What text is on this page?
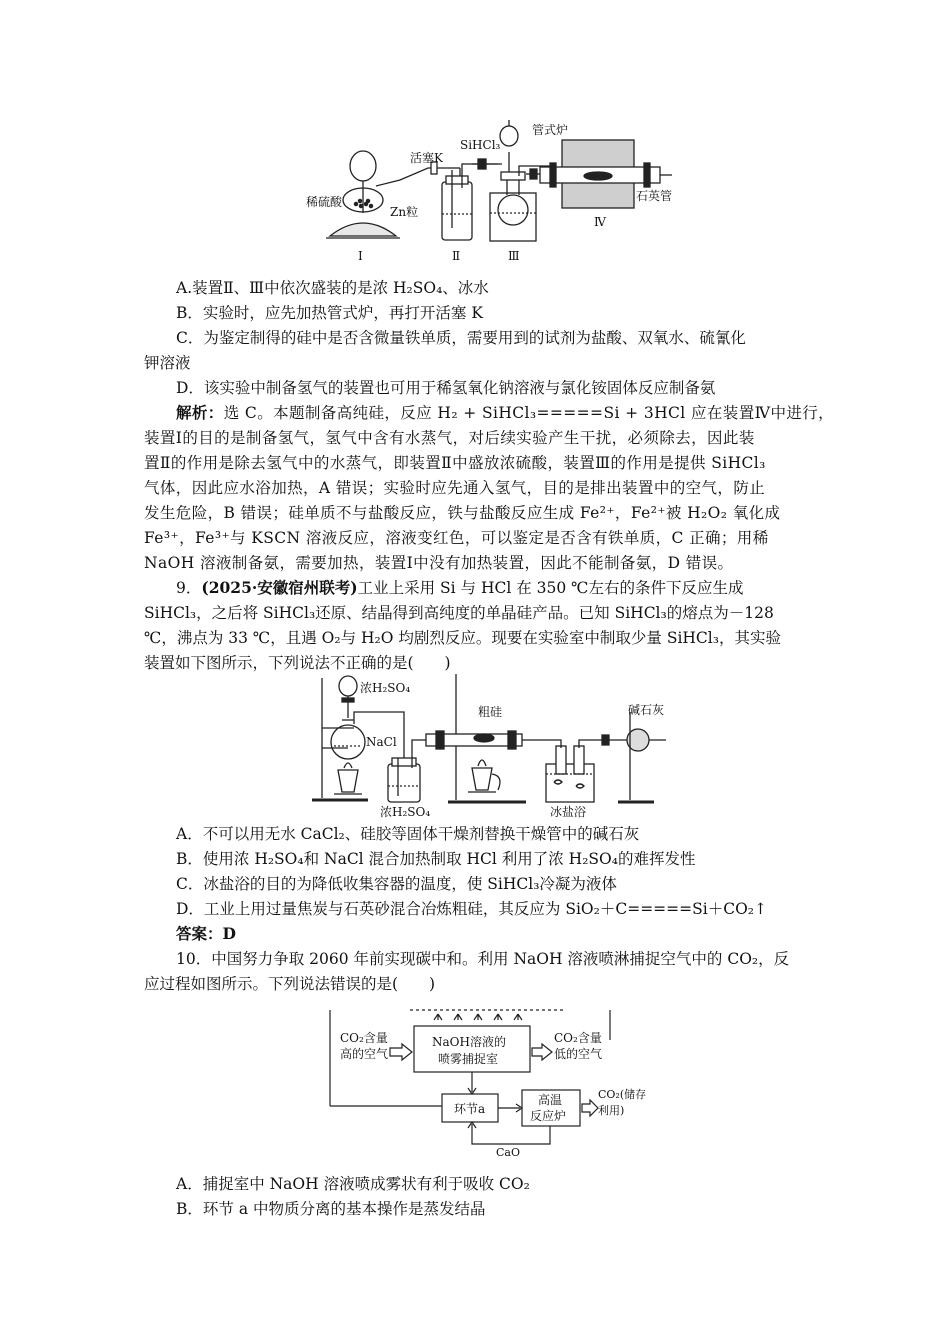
SiHCl₃
管式炉
活塞K
稀硫酸
Zn粒
石英管
Ⅰ	Ⅱ	Ⅲ
Ⅳ
A.装置Ⅱ、Ⅲ中依次盛装的是浓 H₂SO₄、冰水
B．实验时，应先加热管式炉，再打开活塞 K
C．为鉴定制得的硅中是否含微量铁单质，需要用到的试剂为盐酸、双氧水、硫氰化
钾溶液
D．该实验中制备氢气的装置也可用于稀氢氧化钠溶液与氯化铵固体反应制备氨
解析：选 C。本题制备高纯硅，反应 H₂ + SiHCl₃=====Si + 3HCl 应在装置Ⅳ中进行，
装置Ⅰ的目的是制备氢气，氢气中含有水蒸气，对后续实验产生干扰，必须除去，因此装
置Ⅱ的作用是除去氢气中的水蒸气，即装置Ⅱ中盛放浓硫酸，装置Ⅲ的作用是提供 SiHCl₃
气体，因此应水浴加热，A 错误；实验时应先通入氢气，目的是排出装置中的空气，防止
发生危险，B 错误；硅单质不与盐酸反应，铁与盐酸反应生成 Fe²⁺，Fe²⁺被 H₂O₂ 氧化成
Fe³⁺，Fe³⁺与 KSCN 溶液反应，溶液变红色，可以鉴定是否含有铁单质，C 正确；用稀
NaOH 溶液制备氨，需要加热，装置Ⅰ中没有加热装置，因此不能制备氨，D 错误。
9．(2025·安徽宿州联考)工业上采用 Si 与 HCl 在 350 ℃左右的条件下反应生成
SiHCl₃，之后将 SiHCl₃还原、结晶得到高纯度的单晶硅产品。已知 SiHCl₃的熔点为－128
℃，沸点为 33 ℃，且遇 O₂与 H₂O 均剧烈反应。现要在实验室中制取少量 SiHCl₃，其实验
装置如下图所示，下列说法不正确的是(　　)
浓H₂SO₄
NaCl
粗硅	碱石灰
浓H₂SO₄	冰盐浴
A．不可以用无水 CaCl₂、硅胶等固体干燥剂替换干燥管中的碱石灰
B．使用浓 H₂SO₄和 NaCl 混合加热制取 HCl 利用了浓 H₂SO₄的难挥发性
C．冰盐浴的目的为降低收集容器的温度，使 SiHCl₃冷凝为液体
D．工业上用过量焦炭与石英砂混合冶炼粗硅，其反应为 SiO₂＋C=====Si＋CO₂↑
答案：D
10．中国努力争取 2060 年前实现碳中和。利用 NaOH 溶液喷淋捕捉空气中的 CO₂，反
应过程如图所示。下列说法错误的是(　　)
CO₂含量
高的空气
NaOH溶液的
喷雾捕捉室
CO₂含量
低的空气
环节a
高温
反应炉
CO₂(储存
利用)
CaO
A．捕捉室中 NaOH 溶液喷成雾状有利于吸收 CO₂
B．环节 a 中物质分离的基本操作是蒸发结晶
